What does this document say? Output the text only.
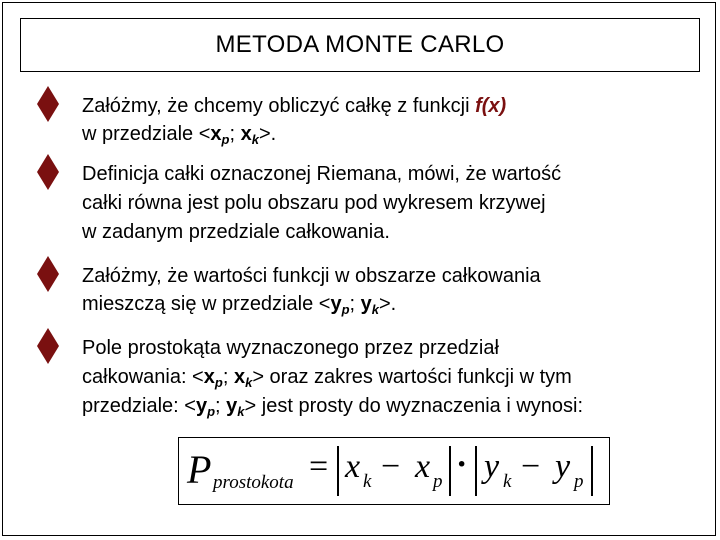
METODA MONTE CARLO
Załóżmy, że chcemy obliczyć całkę z funkcji f(x)
w przedziale $<x_p$; $x_k>$.
Definicja całki oznaczonej Riemana, mówi, że wartość
całki równa jest polu obszaru pod wykresem krzywej
w zadanym przedziale całkowania.
Załóżmy, że wartości funkcji w obszarze całkowania
mieszczą się w przedziale $<y_p$; $y_k>$.
Pole prostokąta wyznaczonego przez przedział
całkowania: $<x_p$; $x_k>$ oraz zakres wartości funkcji w tym
przedziale: $<y_p$; $y_k>$ jest prosty do wyznaczenia i wynosi:
P prostokota = x k − x p · y k − y p
